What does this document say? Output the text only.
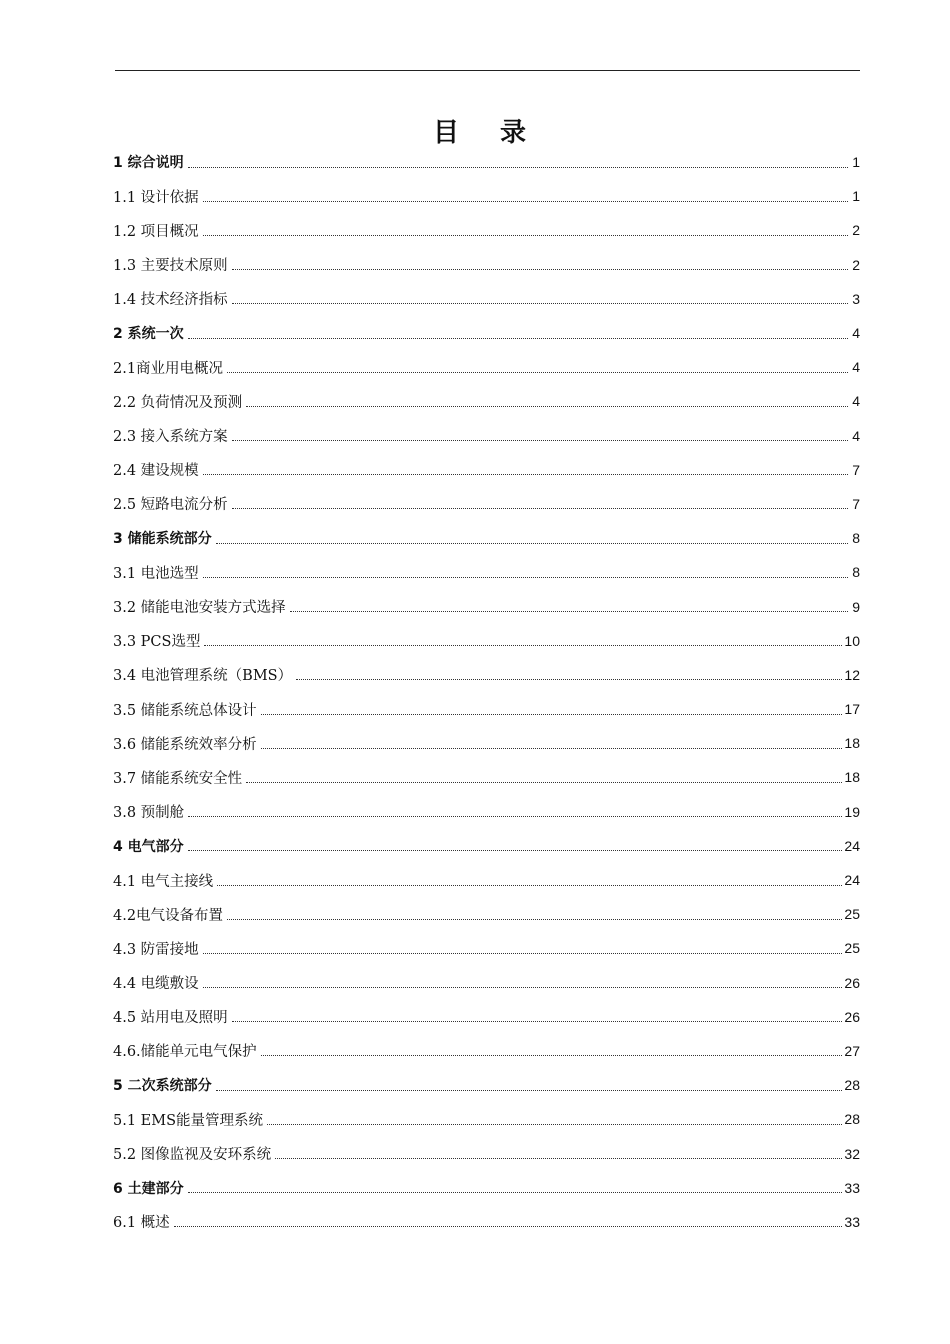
目 录
1 综合说明	1
1.1 设计依据	1
1.2 项目概况	2
1.3 主要技术原则	2
1.4 技术经济指标	3
2 系统一次	4
2.1商业用电概况	4
2.2 负荷情况及预测	4
2.3 接入系统方案	4
2.4 建设规模	7
2.5 短路电流分析	7
3 储能系统部分	8
3.1 电池选型	8
3.2 储能电池安装方式选择	9
3.3 PCS选型	10
3.4 电池管理系统（BMS）	12
3.5 储能系统总体设计	17
3.6 储能系统效率分析	18
3.7 储能系统安全性	18
3.8 预制舱	19
4 电气部分	24
4.1 电气主接线	24
4.2电气设备布置	25
4.3 防雷接地	25
4.4 电缆敷设	26
4.5 站用电及照明	26
4.6.储能单元电气保护	27
5 二次系统部分	28
5.1 EMS能量管理系统	28
5.2 图像监视及安环系统	32
6 土建部分	33
6.1 概述	33
